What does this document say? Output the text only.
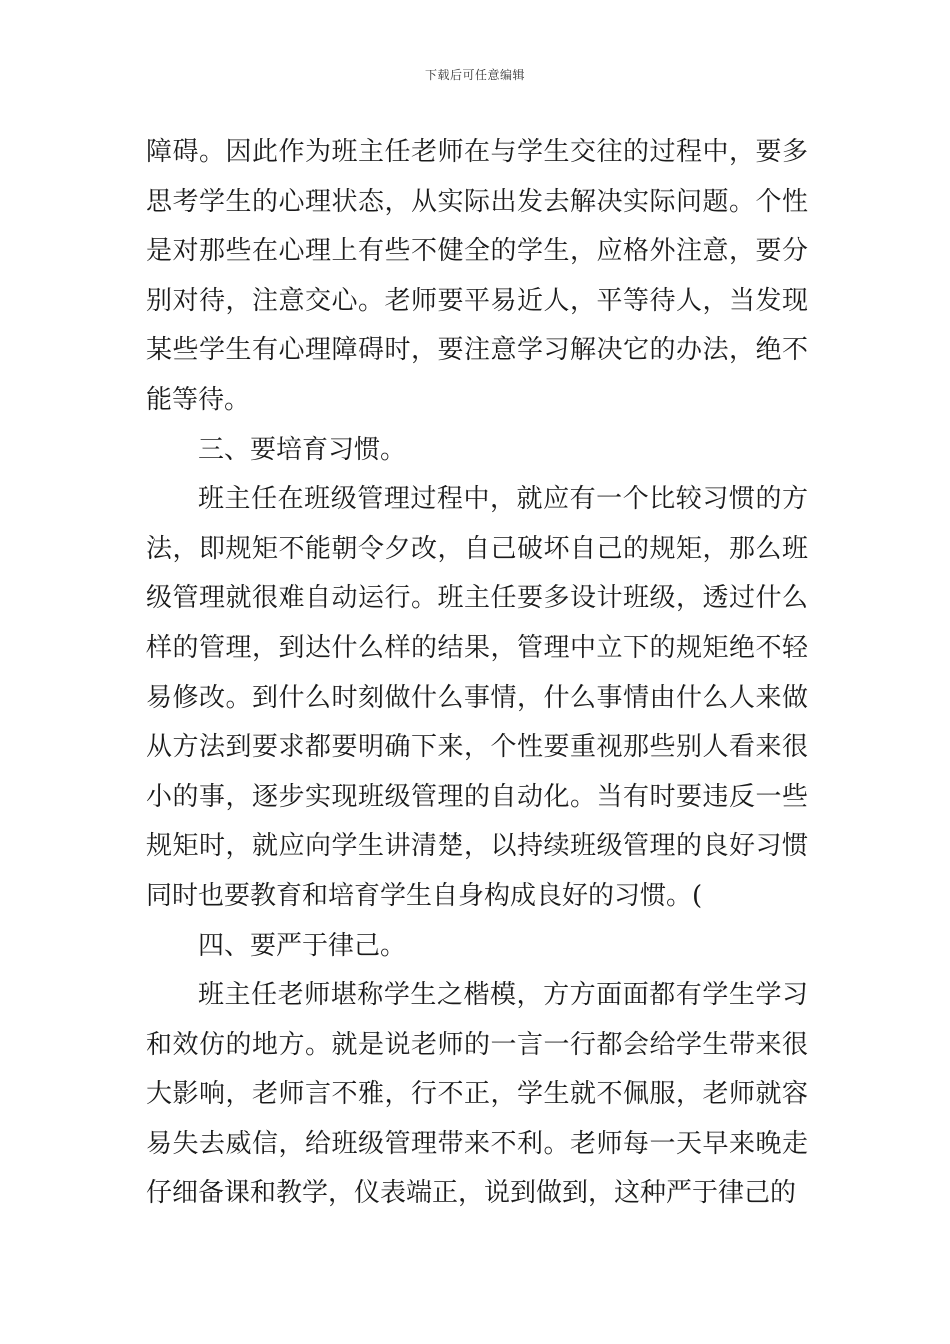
下载后可任意编辑

障碍。因此作为班主任老师在与学生交往的过程中，要多思考学生的心理状态，从实际出发去解决实际问题。个性是对那些在心理上有些不健全的学生，应格外注意，要分别对待，注意交心。老师要平易近人，平等待人，当发现某些学生有心理障碍时，要注意学习解决它的办法，绝不能等待。

三、要培育习惯。

班主任在班级管理过程中，就应有一个比较习惯的方法，即规矩不能朝令夕改，自己破坏自己的规矩，那么班级管理就很难自动运行。班主任要多设计班级，透过什么样的管理，到达什么样的结果，管理中立下的规矩绝不轻易修改。到什么时刻做什么事情，什么事情由什么人来做从方法到要求都要明确下来，个性要重视那些别人看来很小的事，逐步实现班级管理的自动化。当有时要违反一些规矩时，就应向学生讲清楚，以持续班级管理的良好习惯同时也要教育和培育学生自身构成良好的习惯。(

四、要严于律己。

班主任老师堪称学生之楷模，方方面面都有学生学习和效仿的地方。就是说老师的一言一行都会给学生带来很大影响，老师言不雅，行不正，学生就不佩服，老师就容易失去威信，给班级管理带来不利。老师每一天早来晚走仔细备课和教学，仪表端正，说到做到，这种严于律己的
